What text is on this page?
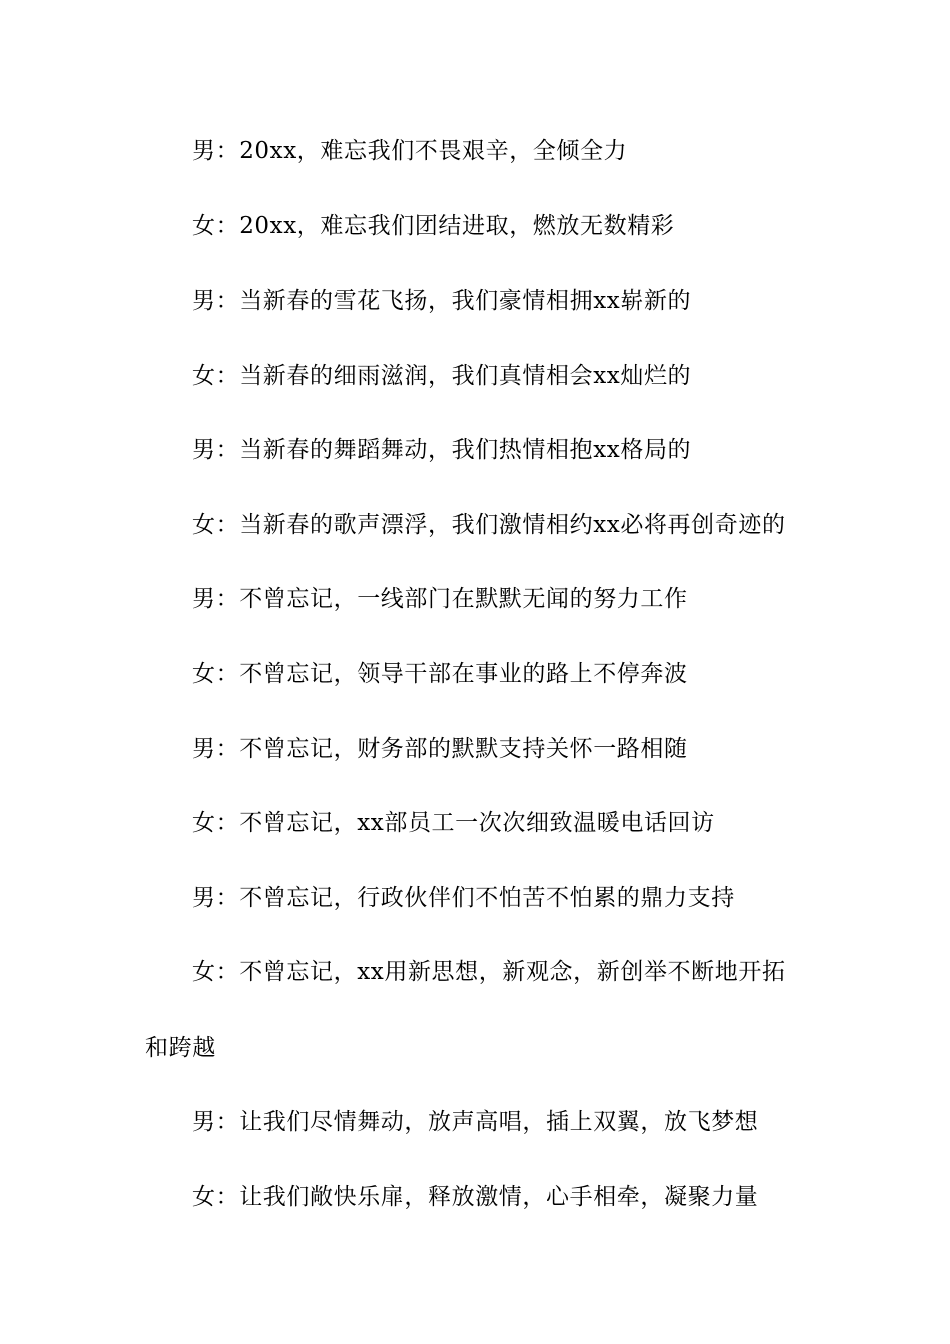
男：20xx，难忘我们不畏艰辛，全倾全力
女：20xx，难忘我们团结进取，燃放无数精彩
男：当新春的雪花飞扬，我们豪情相拥xx崭新的
女：当新春的细雨滋润，我们真情相会xx灿烂的
男：当新春的舞蹈舞动，我们热情相抱xx格局的
女：当新春的歌声漂浮，我们激情相约xx必将再创奇迹的
男：不曾忘记，一线部门在默默无闻的努力工作
女：不曾忘记，领导干部在事业的路上不停奔波
男：不曾忘记，财务部的默默支持关怀一路相随
女：不曾忘记，xx部员工一次次细致温暖电话回访
男：不曾忘记，行政伙伴们不怕苦不怕累的鼎力支持
女：不曾忘记，xx用新思想，新观念，新创举不断地开拓
和跨越
男：让我们尽情舞动，放声高唱，插上双翼，放飞梦想
女：让我们敞快乐扉，释放激情，心手相牵，凝聚力量
